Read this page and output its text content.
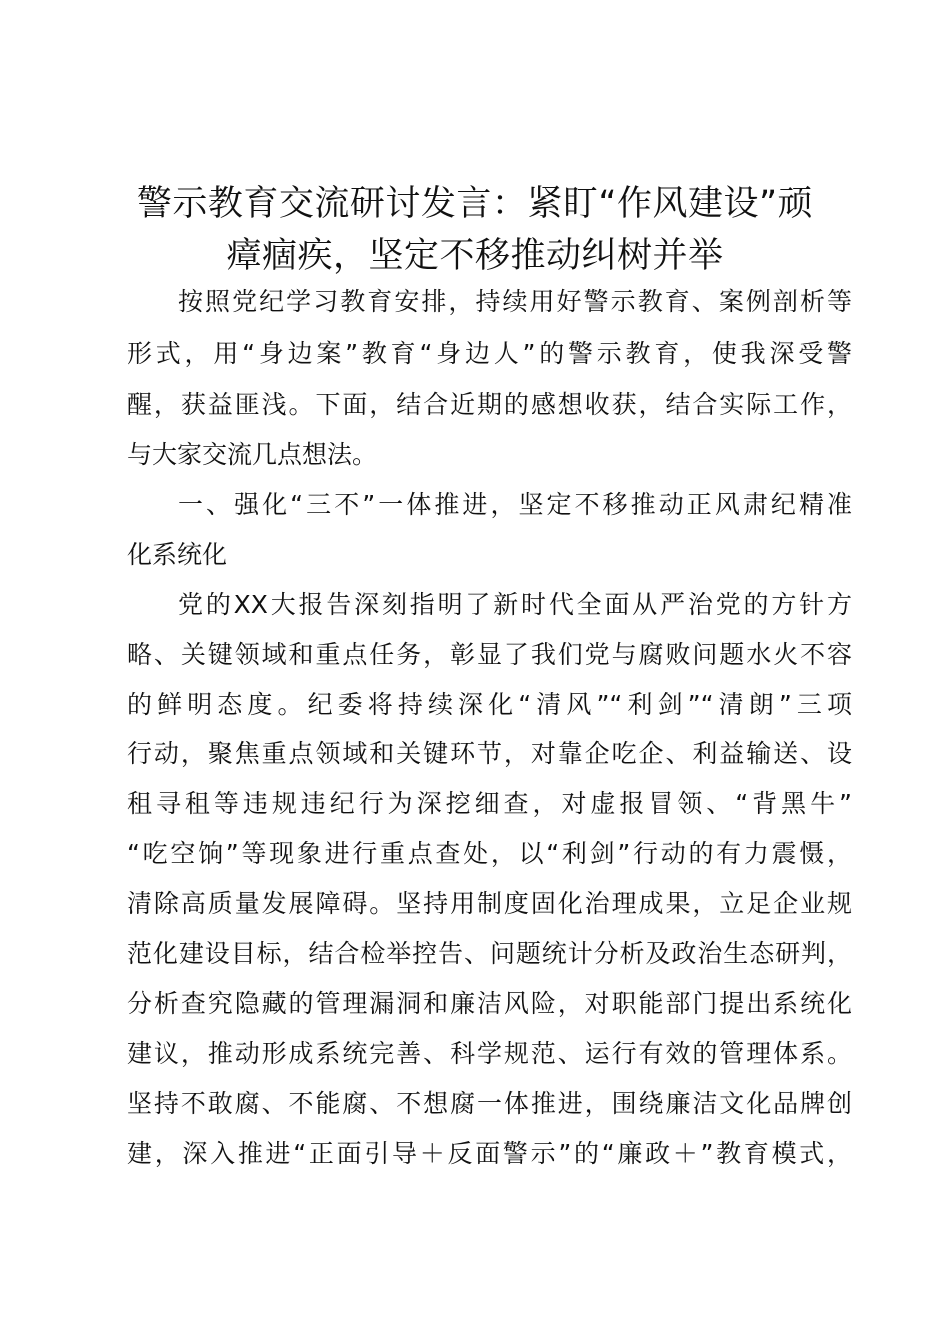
警示教育交流研讨发言：紧盯“作风建设”顽瘴痼疾，坚定不移推动纠树并举
按照党纪学习教育安排，持续用好警示教育、案例剖析等
形式，用“身边案”教育“身边人”的警示教育，使我深受警
醒，获益匪浅。下面，结合近期的感想收获，结合实际工作，
与大家交流几点想法。
一、强化“三不”一体推进，坚定不移推动正风肃纪精准
化系统化
党的XX大报告深刻指明了新时代全面从严治党的方针方
略、关键领域和重点任务，彰显了我们党与腐败问题水火不容
的鲜明态度。纪委将持续深化“清风”“利剑”“清朗”三项
行动，聚焦重点领域和关键环节，对靠企吃企、利益输送、设
租寻租等违规违纪行为深挖细查，对虚报冒领、“背黑牛”
“吃空饷”等现象进行重点查处，以“利剑”行动的有力震慑，
清除高质量发展障碍。坚持用制度固化治理成果，立足企业规
范化建设目标，结合检举控告、问题统计分析及政治生态研判，
分析查究隐藏的管理漏洞和廉洁风险，对职能部门提出系统化
建议，推动形成系统完善、科学规范、运行有效的管理体系。
坚持不敢腐、不能腐、不想腐一体推进，围绕廉洁文化品牌创
建，深入推进“正面引导＋反面警示”的“廉政＋”教育模式，
